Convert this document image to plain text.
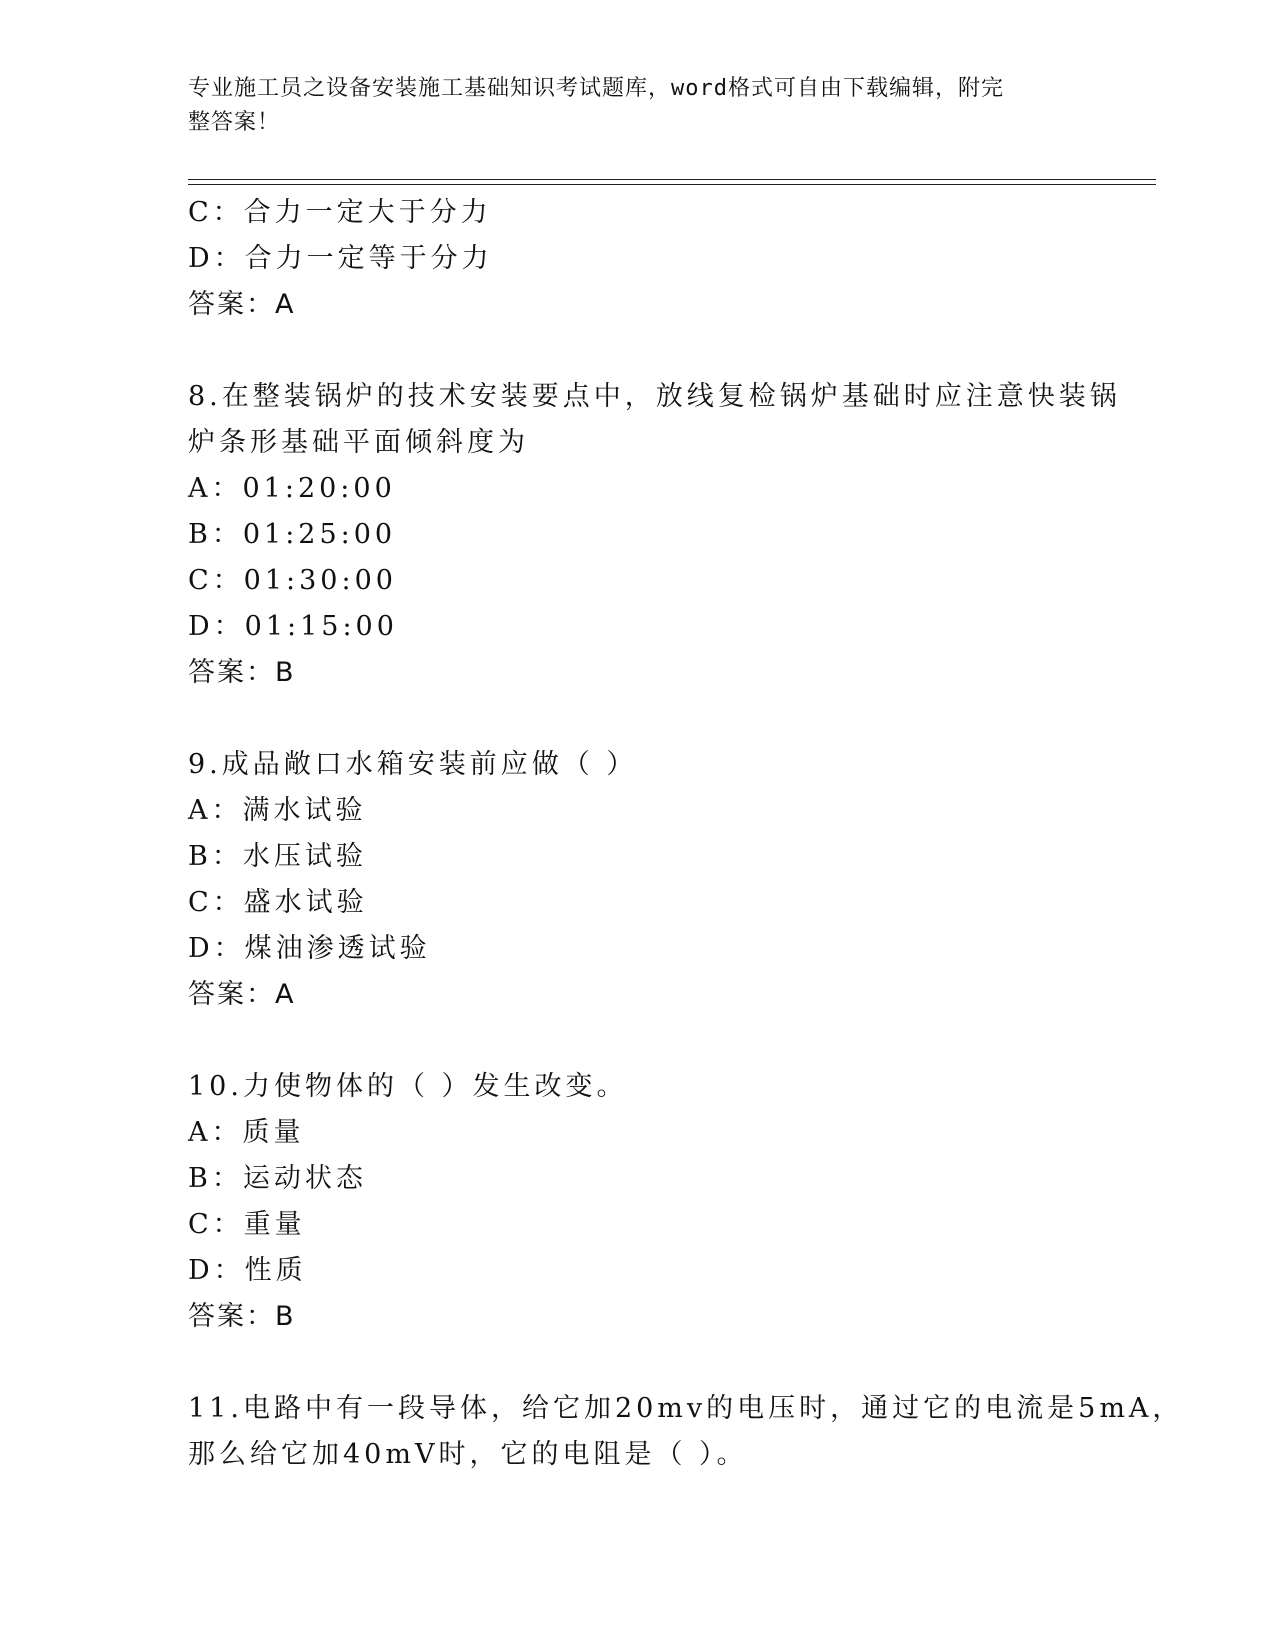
专业施工员之设备安装施工基础知识考试题库，word格式可自由下载编辑，附完
整答案！
C：合力一定大于分力
D：合力一定等于分力
答案：A
8.在整装锅炉的技术安装要点中，放线复检锅炉基础时应注意快装锅
炉条形基础平面倾斜度为
A：01:20:00
B：01:25:00
C：01:30:00
D：01:15:00
答案：B
9.成品敞口水箱安装前应做（ ）
A：满水试验
B：水压试验
C：盛水试验
D：煤油渗透试验
答案：A
10.力使物体的（ ）发生改变。
A：质量
B：运动状态
C：重量
D：性质
答案：B
11.电路中有一段导体，给它加20mv的电压时，通过它的电流是5mA，
那么给它加40mV时，它的电阻是（ ）。
